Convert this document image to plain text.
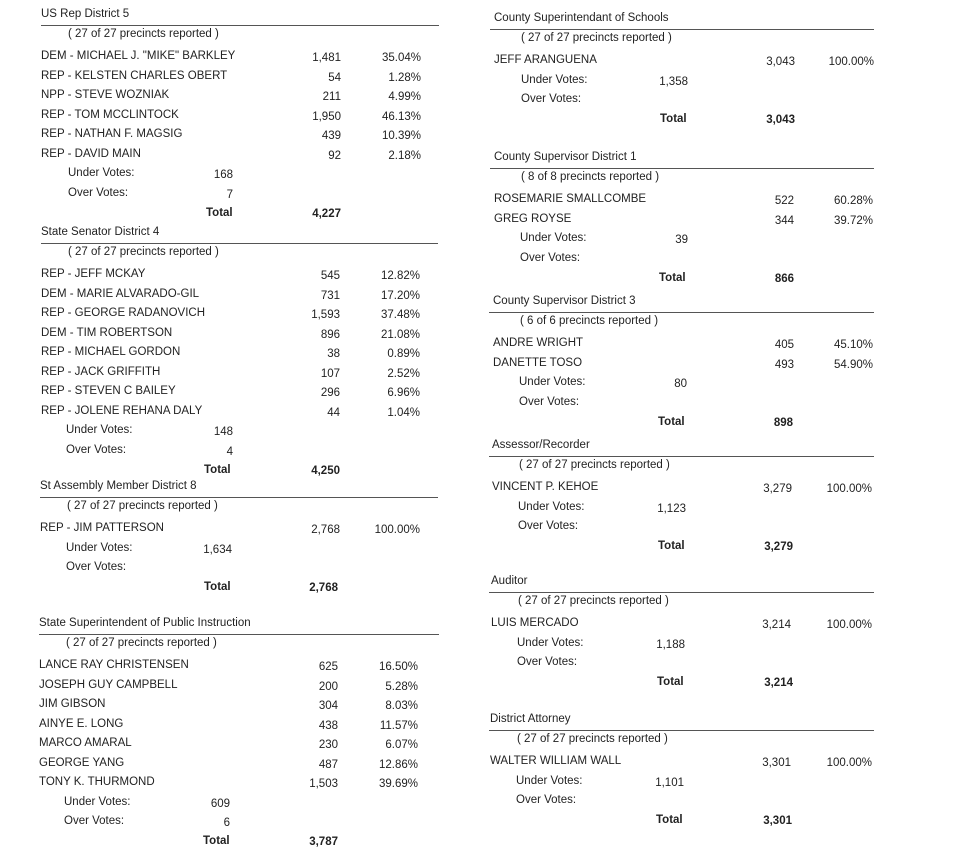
US Rep District 5
( 27 of 27 precincts reported )
DEM - MICHAEL J. "MIKE" BARKLEY	1,481	35.04%
REP - KELSTEN CHARLES OBERT	54	1.28%
NPP - STEVE WOZNIAK	211	4.99%
REP - TOM MCCLINTOCK	1,950	46.13%
REP - NATHAN F. MAGSIG	439	10.39%
REP - DAVID MAIN	92	2.18%
Under Votes:	168
Over Votes:	7
Total	4,227
State Senator District 4
( 27 of 27 precincts reported )
REP - JEFF MCKAY	545	12.82%
DEM - MARIE ALVARADO-GIL	731	17.20%
REP - GEORGE RADANOVICH	1,593	37.48%
DEM - TIM ROBERTSON	896	21.08%
REP - MICHAEL GORDON	38	0.89%
REP - JACK GRIFFITH	107	2.52%
REP - STEVEN C BAILEY	296	6.96%
REP - JOLENE REHANA DALY	44	1.04%
Under Votes:	148
Over Votes:	4
Total	4,250
St Assembly Member District 8
( 27 of 27 precincts reported )
REP - JIM PATTERSON	2,768	100.00%
Under Votes:	1,634
Over Votes:
Total	2,768
State Superintendent of Public Instruction
( 27 of 27 precincts reported )
LANCE RAY CHRISTENSEN	625	16.50%
JOSEPH GUY CAMPBELL	200	5.28%
JIM GIBSON	304	8.03%
AINYE E. LONG	438	11.57%
MARCO AMARAL	230	6.07%
GEORGE YANG	487	12.86%
TONY K. THURMOND	1,503	39.69%
Under Votes:	609
Over Votes:	6
Total	3,787
County Superintendant of Schools
( 27 of 27 precincts reported )
JEFF ARANGUENA	3,043	100.00%
Under Votes:	1,358
Over Votes:
Total	3,043
County Supervisor District 1
( 8 of 8 precincts reported )
ROSEMARIE SMALLCOMBE	522	60.28%
GREG ROYSE	344	39.72%
Under Votes:	39
Over Votes:
Total	866
County Supervisor District 3
( 6 of 6 precincts reported )
ANDRE WRIGHT	405	45.10%
DANETTE TOSO	493	54.90%
Under Votes:	80
Over Votes:
Total	898
Assessor/Recorder
( 27 of 27 precincts reported )
VINCENT P. KEHOE	3,279	100.00%
Under Votes:	1,123
Over Votes:
Total	3,279
Auditor
( 27 of 27 precincts reported )
LUIS MERCADO	3,214	100.00%
Under Votes:	1,188
Over Votes:
Total	3,214
District Attorney
( 27 of 27 precincts reported )
WALTER WILLIAM WALL	3,301	100.00%
Under Votes:	1,101
Over Votes:
Total	3,301
